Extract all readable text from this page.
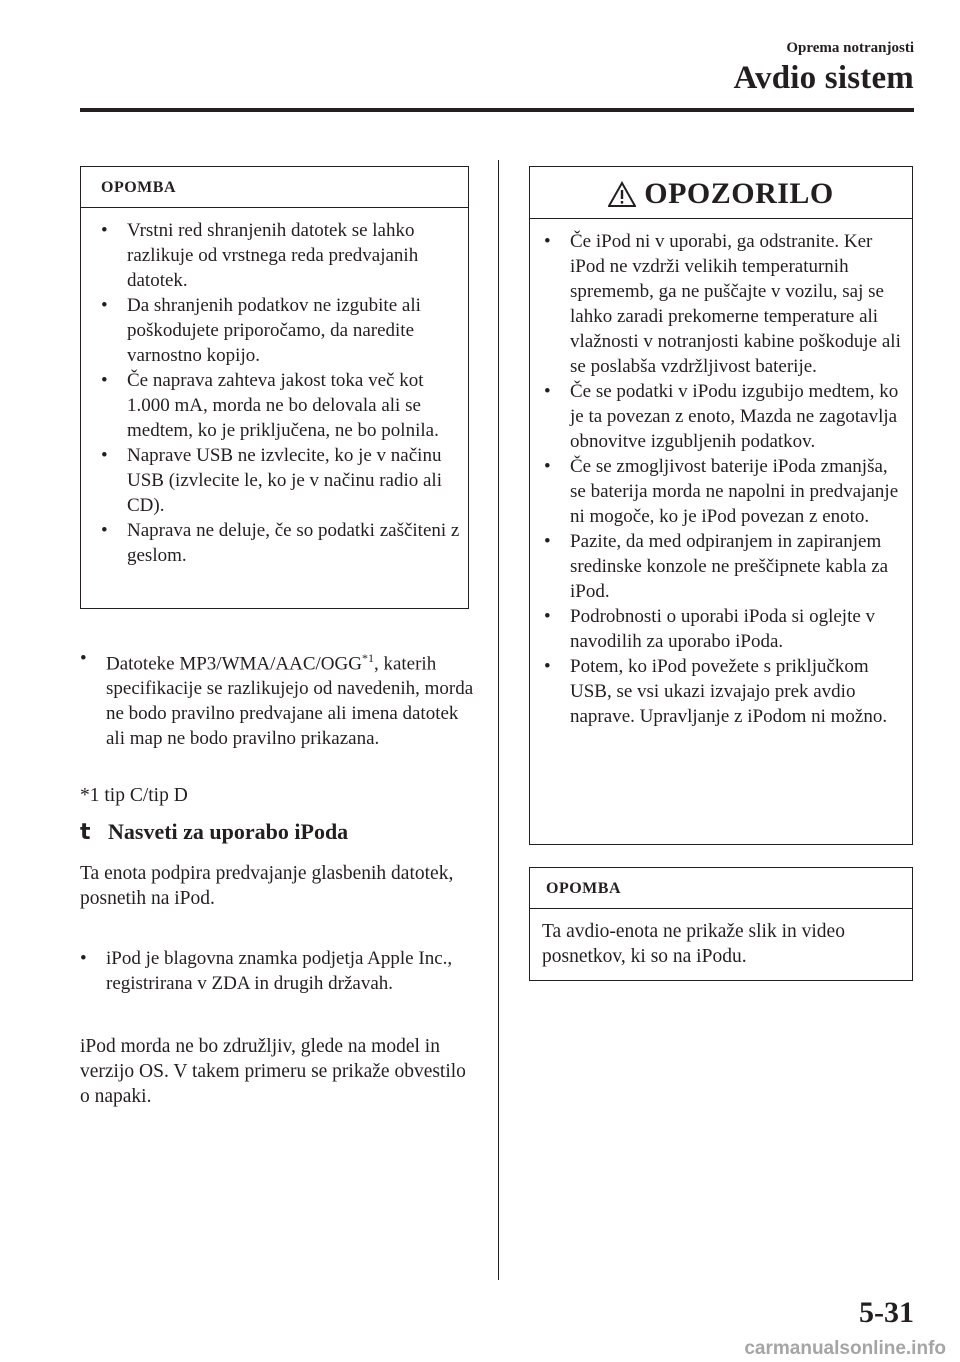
Oprema notranjosti
Avdio sistem
OPOMBA
•	Vrstni red shranjenih datotek se lahko razlikuje od vrstnega reda predvajanih datotek.
•	Da shranjenih podatkov ne izgubite ali poškodujete priporočamo, da naredite varnostno kopijo.
•	Če naprava zahteva jakost toka več kot 1.000 mA, morda ne bo delovala ali se medtem, ko je priključena, ne bo polnila.
•	Naprave USB ne izvlecite, ko je v načinu USB (izvlecite le, ko je v načinu radio ali CD).
•	Naprava ne deluje, če so podatki zaščiteni z geslom.
•	Datoteke MP3/WMA/AAC/OGG$^{*1}$, katerih specifikacije se razlikujejo od navedenih, morda ne bodo pravilno predvajane ali imena datotek ali map ne bodo pravilno prikazana.
*1 tip C/tip D
t Nasveti za uporabo iPoda
Ta enota podpira predvajanje glasbenih datotek, posnetih na iPod.
•	iPod je blagovna znamka podjetja Apple Inc., registrirana v ZDA in drugih državah.
iPod morda ne bo združljiv, glede na model in verzijo OS. V takem primeru se prikaže obvestilo o napaki.
OPOZORILO
•	Če iPod ni v uporabi, ga odstranite. Ker iPod ne vzdrži velikih temperaturnih sprememb, ga ne puščajte v vozilu, saj se lahko zaradi prekomerne temperature ali vlažnosti v notranjosti kabine poškoduje ali se poslabša vzdržljivost baterije.
•	Če se podatki v iPodu izgubijo medtem, ko je ta povezan z enoto, Mazda ne zagotavlja obnovitve izgubljenih podatkov.
•	Če se zmogljivost baterije iPoda zmanjša, se baterija morda ne napolni in predvajanje ni mogoče, ko je iPod povezan z enoto.
•	Pazite, da med odpiranjem in zapiranjem sredinske konzole ne preščipnete kabla za iPod.
•	Podrobnosti o uporabi iPoda si oglejte v navodilih za uporabo iPoda.
•	Potem, ko iPod povežete s priključkom USB, se vsi ukazi izvajajo prek avdio naprave. Upravljanje z iPodom ni možno.
OPOMBA
Ta avdio-enota ne prikaže slik in video posnetkov, ki so na iPodu.
5-31
carmanualsonline.info
